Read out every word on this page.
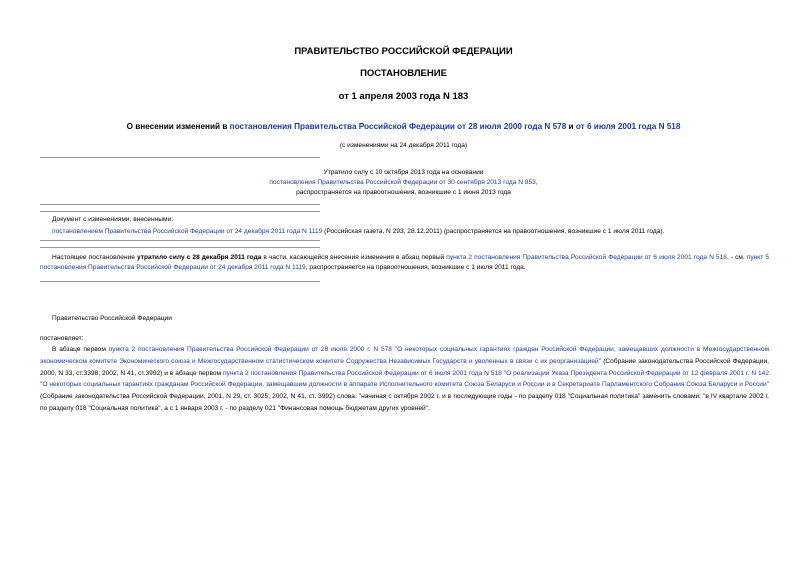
ПРАВИТЕЛЬСТВО РОССИЙСКОЙ ФЕДЕРАЦИИ
ПОСТАНОВЛЕНИЕ
от 1 апреля 2003 года N 183
О внесении изменений в постановления Правительства Российской Федерации от 28 июля 2000 года N 578 и от 6 июля 2001 года N 518
(с изменениями на 24 декабря 2011 года)
Утратило силу с 10 октября 2013 года на основании
постановления Правительства Российской Федерации от 30 сентября 2013 года N 853,
распространяется на правоотношения, возникшие с 1 июня 2013 года
Документ с изменениями, внесенными:
постановлением Правительства Российской Федерации от 24 декабря 2011 года N 1119 (Российская газета, N 293, 28.12.2011) (распространяется на правоотношения, возникшие с 1 июля 2011 года).
Настоящее постановление утратило силу с 28 декабря 2011 года в части, касающейся внесения изменения в абзац первый пункта 2 постановления Правительства Российской Федерации от 6 июля 2001 года N 518, - см. пункт 5 постановления Правительства Российской Федерации от 24 декабря 2011 года N 1119, распространяется на правоотношения, возникшие с 1 июля 2011 года.
Правительство Российской Федерации
постановляет:
В абзаце первом пункта 2 постановления Правительства Российской Федерации от 28 июля 2000 г. N 578 "О некоторых социальных гарантиях граждан Российской Федерации, замещавших должности в Межгосударственном экономическом комитете Экономического союза и Межгосударственном статистическом комитете Содружества Независимых Государств и уволенных в связи с их реорганизацией" (Собрание законодательства Российской Федерации, 2000, N 33, ст.3398; 2002, N 41, ст.3992) и в абзаце первом пункта 2 постановления Правительства Российской Федерации от 6 июля 2001 года N 518 "О реализации Указа Президента Российской Федерации от 12 февраля 2001 г. N 142 "О некоторых социальных гарантиях гражданам Российской Федерации, замещавшим должности в аппарате Исполнительного комитета Союза Беларуси и России и в Секретариате Парламентского Собрания Союза Беларуси и России" (Собрание законодательства Российской Федерации, 2001, N 29, ст. 3025; 2002, N 41, ст. 3992) слова: "начиная с октября 2002 г. и в последующие годы - по разделу 018 "Социальная политика" заменить словами: "в IV квартале 2002 г. по разделу 018 "Социальная политика", а с 1 января 2003 г. - по разделу 021 "Финансовая помощь бюджетам других уровней".
